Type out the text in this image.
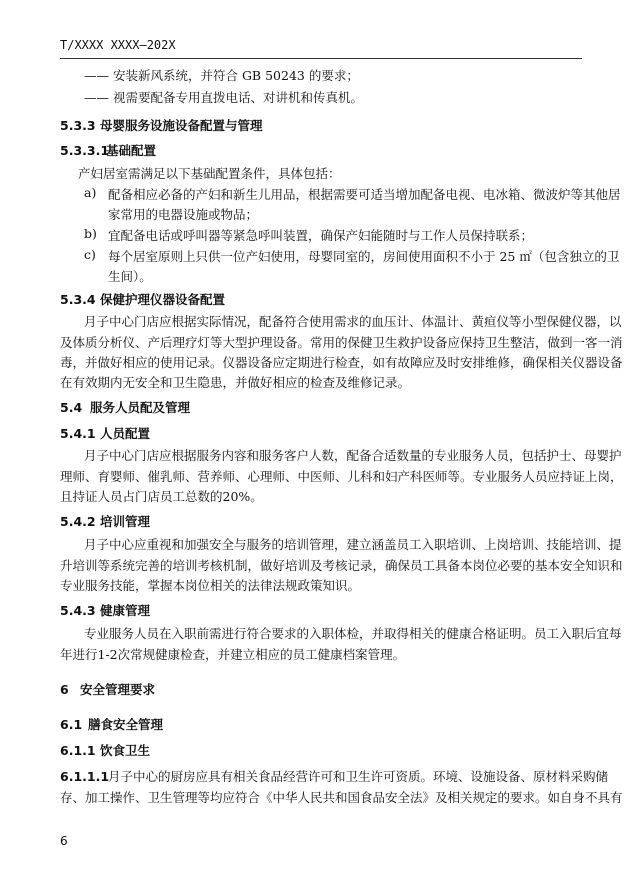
T/XXXX XXXX—202X
—— 安装新风系统，并符合 GB 50243 的要求；
—— 视需要配备专用直拨电话、对讲机和传真机。
5.3.3 母婴服务设施设备配置与管理
5.3.3.1基础配置
产妇居室需满足以下基础配置条件，具体包括：
a) 配备相应必备的产妇和新生儿用品，根据需要可适当增加配备电视、电冰箱、微波炉等其他居
家常用的电器设施或物品；
b) 宜配备电话或呼叫器等紧急呼叫装置，确保产妇能随时与工作人员保持联系；
c) 每个居室原则上只供一位产妇使用，母婴同室的，房间使用面积不小于 25 ㎡（包含独立的卫
生间）。
5.3.4 保健护理仪器设备配置
月子中心门店应根据实际情况，配备符合使用需求的血压计、体温计、黄疸仪等小型保健仪器，以
及体质分析仪、产后理疗灯等大型护理设备。常用的保健卫生救护设备应保持卫生整洁，做到一客一消
毒，并做好相应的使用记录。仪器设备应定期进行检查，如有故障应及时安排维修，确保相关仪器设备
在有效期内无安全和卫生隐患，并做好相应的检查及维修记录。
5.4 服务人员配及管理
5.4.1 人员配置
月子中心门店应根据服务内容和服务客户人数，配备合适数量的专业服务人员，包括护士、母婴护
理师、育婴师、催乳师、营养师、心理师、中医师、儿科和妇产科医师等。专业服务人员应持证上岗，
且持证人员占门店员工总数的20%。
5.4.2 培训管理
月子中心应重视和加强安全与服务的培训管理，建立涵盖员工入职培训、上岗培训、技能培训、提
升培训等系统完善的培训考核机制，做好培训及考核记录，确保员工具备本岗位必要的基本安全知识和
专业服务技能，掌握本岗位相关的法律法规政策知识。
5.4.3 健康管理
专业服务人员在入职前需进行符合要求的入职体检，并取得相关的健康合格证明。员工入职后宜每
年进行1-2次常规健康检查，并建立相应的员工健康档案管理。
6 安全管理要求
6.1 膳食安全管理
6.1.1 饮食卫生
6.1.1.1月子中心的厨房应具有相关食品经营许可和卫生许可资质。环境、设施设备、原材料采购储
存、加工操作、卫生管理等均应符合《中华人民共和国食品安全法》及相关规定的要求。如自身不具有
6
